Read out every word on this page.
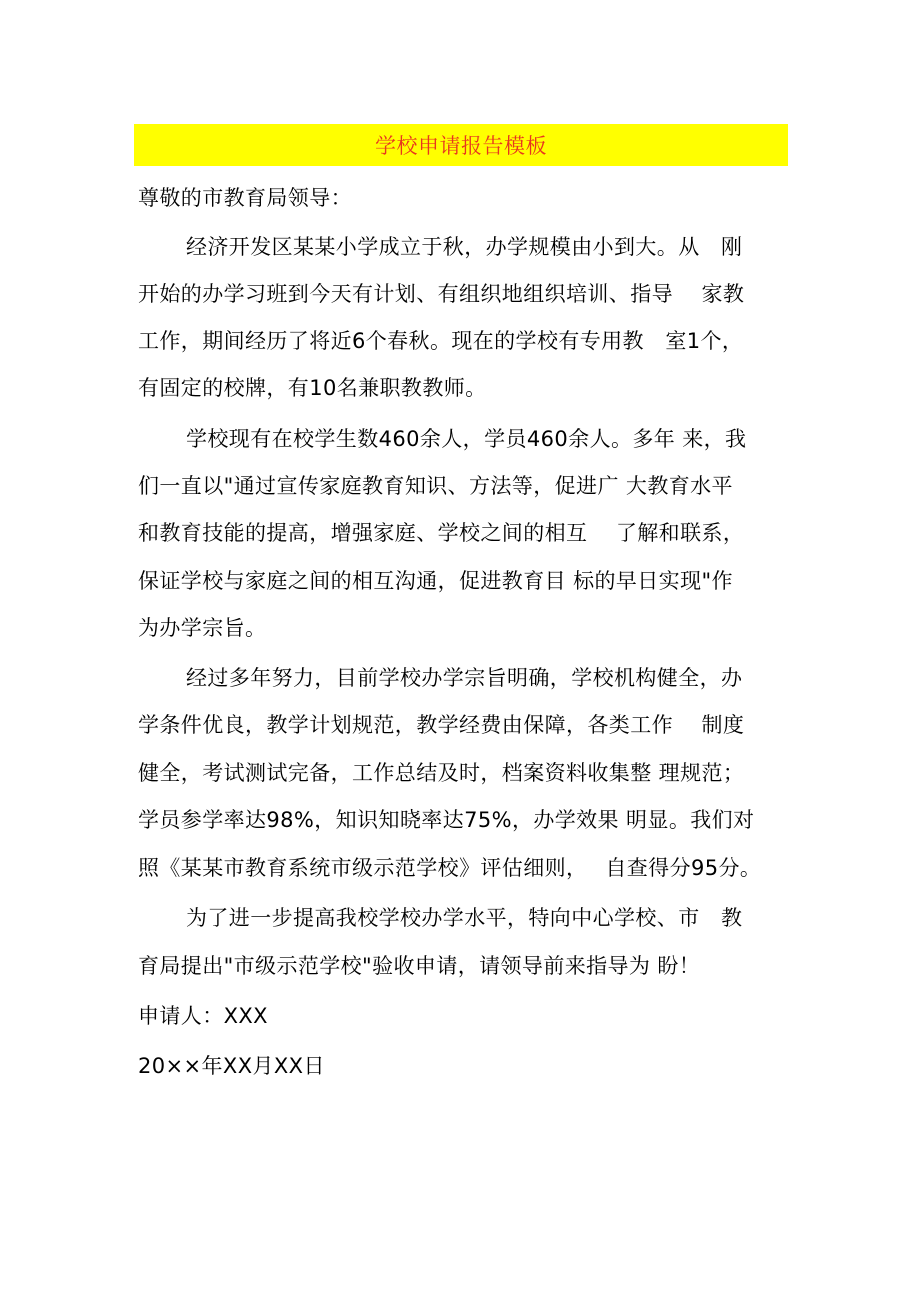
学校申请报告模板
尊敬的市教育局领导：
经济开发区某某小学成立于秋，办学规模由小到大。从　刚
开始的办学习班到今天有计划、有组织地组织培训、指导　 家教
工作，期间经历了将近6个春秋。现在的学校有专用教　室1个，
有固定的校牌，有10名兼职教教师。
学校现有在校学生数460余人，学员460余人。多年 来，我
们一直以"通过宣传家庭教育知识、方法等，促进广 大教育水平
和教育技能的提高，增强家庭、学校之间的相互　 了解和联系，
保证学校与家庭之间的相互沟通，促进教育目 标的早日实现"作
为办学宗旨。
经过多年努力，目前学校办学宗旨明确，学校机构健全，办
学条件优良，教学计划规范，教学经费由保障，各类工作　 制度
健全，考试测试完备，工作总结及时，档案资料收集整 理规范；
学员参学率达98%，知识知晓率达75%，办学效果 明显。我们对
照《某某市教育系统市级示范学校》评估细则，　 自查得分95分。
为了进一步提高我校学校办学水平，特向中心学校、市　教
育局提出"市级示范学校"验收申请，请领导前来指导为 盼！
申请人：XXX
20××年XX月XX日
